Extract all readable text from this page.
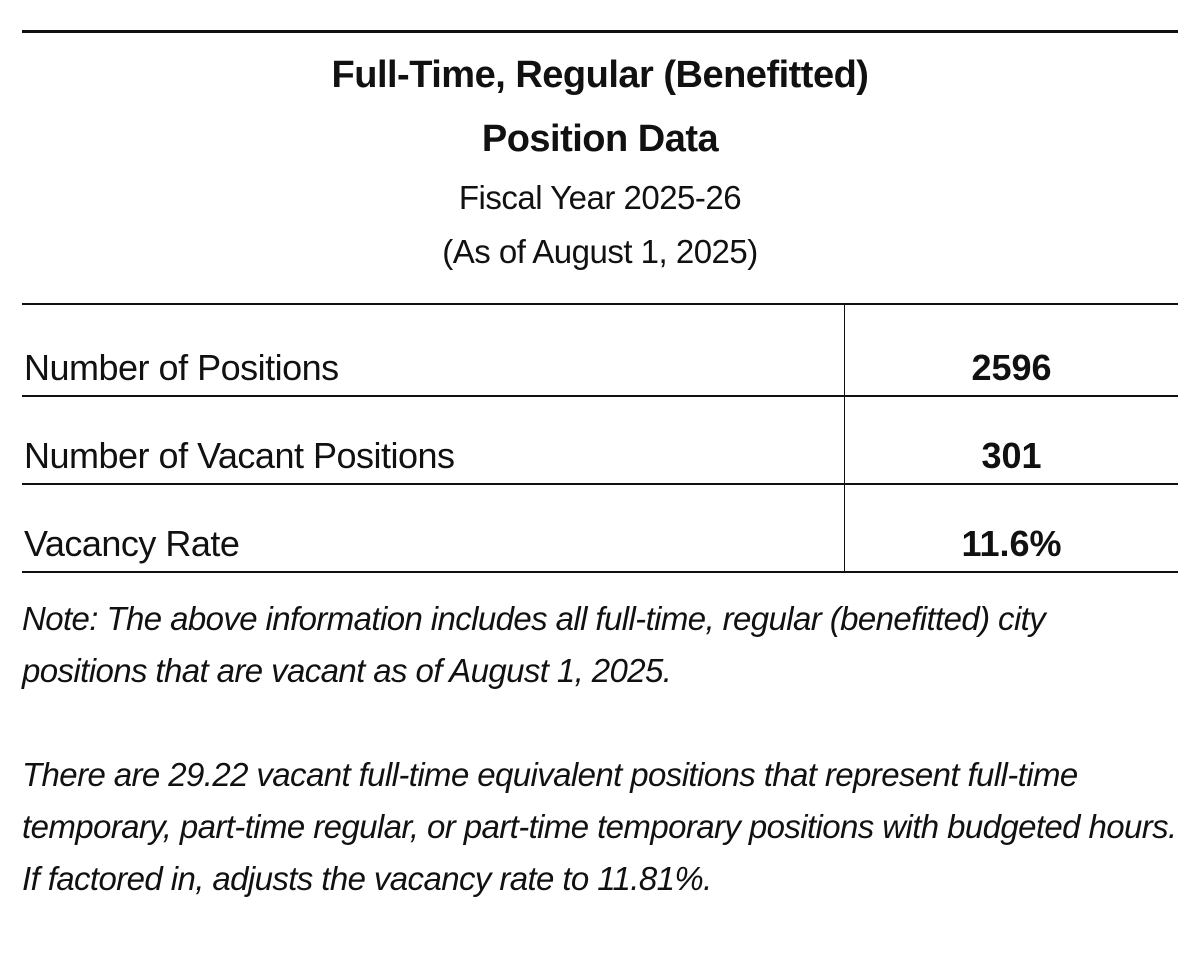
Full-Time, Regular (Benefitted)
Position Data
Fiscal Year 2025-26
(As of August 1, 2025)
Number of Positions	2596
Number of Vacant Positions	301
Vacancy Rate	11.6%

Note: The above information includes all full-time, regular (benefitted) city positions that are vacant as of August 1, 2025.

There are 29.22 vacant full-time equivalent positions that represent full-time temporary, part-time regular, or part-time temporary positions with budgeted hours. If factored in, adjusts the vacancy rate to 11.81%.
